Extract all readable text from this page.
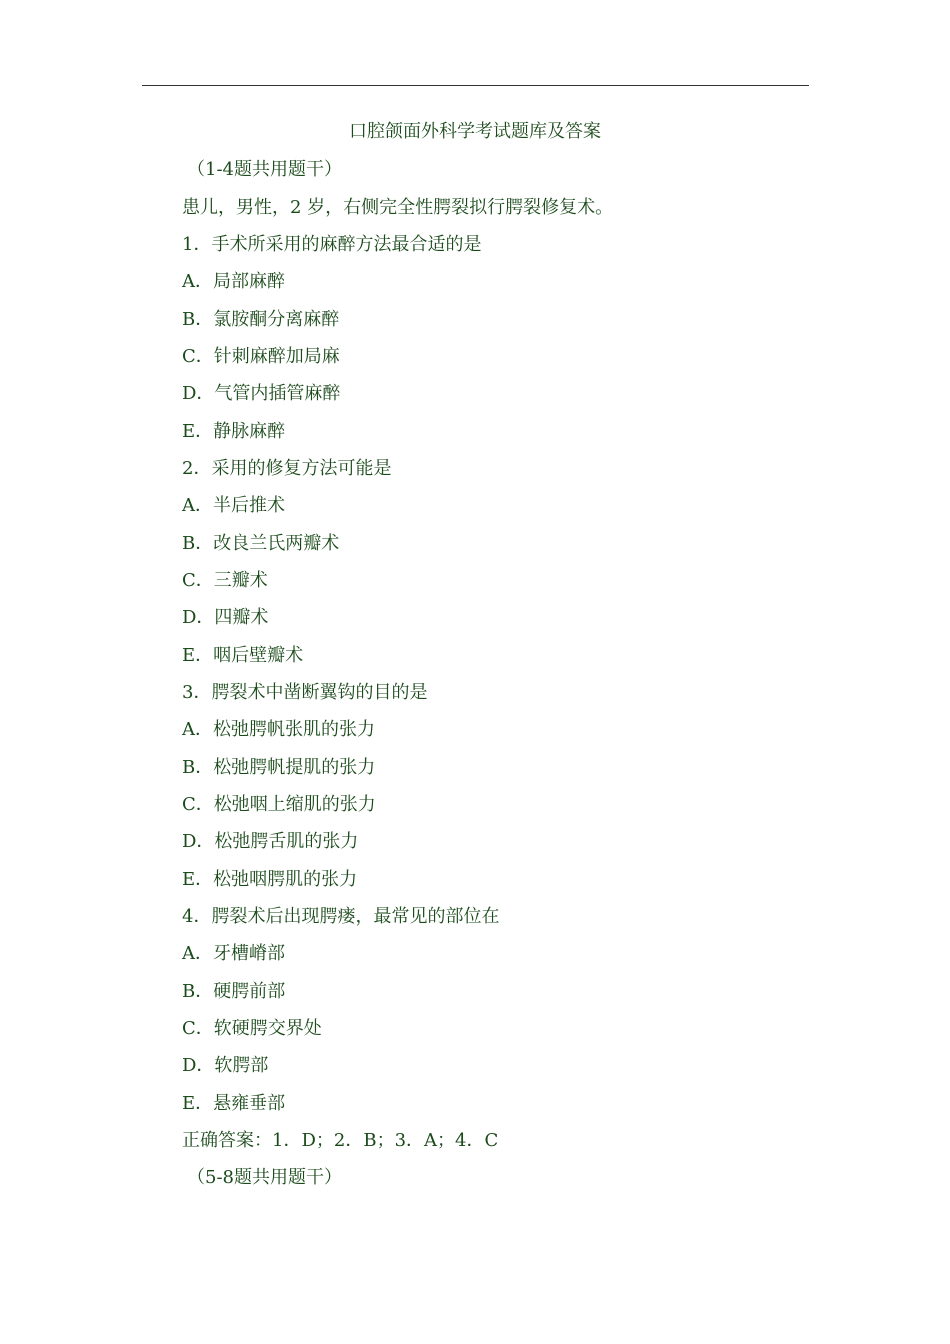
口腔颌面外科学考试题库及答案
（1-4题共用题干）
患儿，男性，2 岁，右侧完全性腭裂拟行腭裂修复术。
1．手术所采用的麻醉方法最合适的是
A．局部麻醉
B．氯胺酮分离麻醉
C．针刺麻醉加局麻
D．气管内插管麻醉
E．静脉麻醉
2．采用的修复方法可能是
A．半后推术
B．改良兰氏两瓣术
C．三瓣术
D．四瓣术
E．咽后壁瓣术
3．腭裂术中凿断翼钩的目的是
A．松弛腭帆张肌的张力
B．松弛腭帆提肌的张力
C．松弛咽上缩肌的张力
D．松弛腭舌肌的张力
E．松弛咽腭肌的张力
4．腭裂术后出现腭瘘，最常见的部位在
A．牙槽嵴部
B．硬腭前部
C．软硬腭交界处
D．软腭部
E．悬雍垂部
正确答案：1．D；2．B；3．A；4．C
（5-8题共用题干）
